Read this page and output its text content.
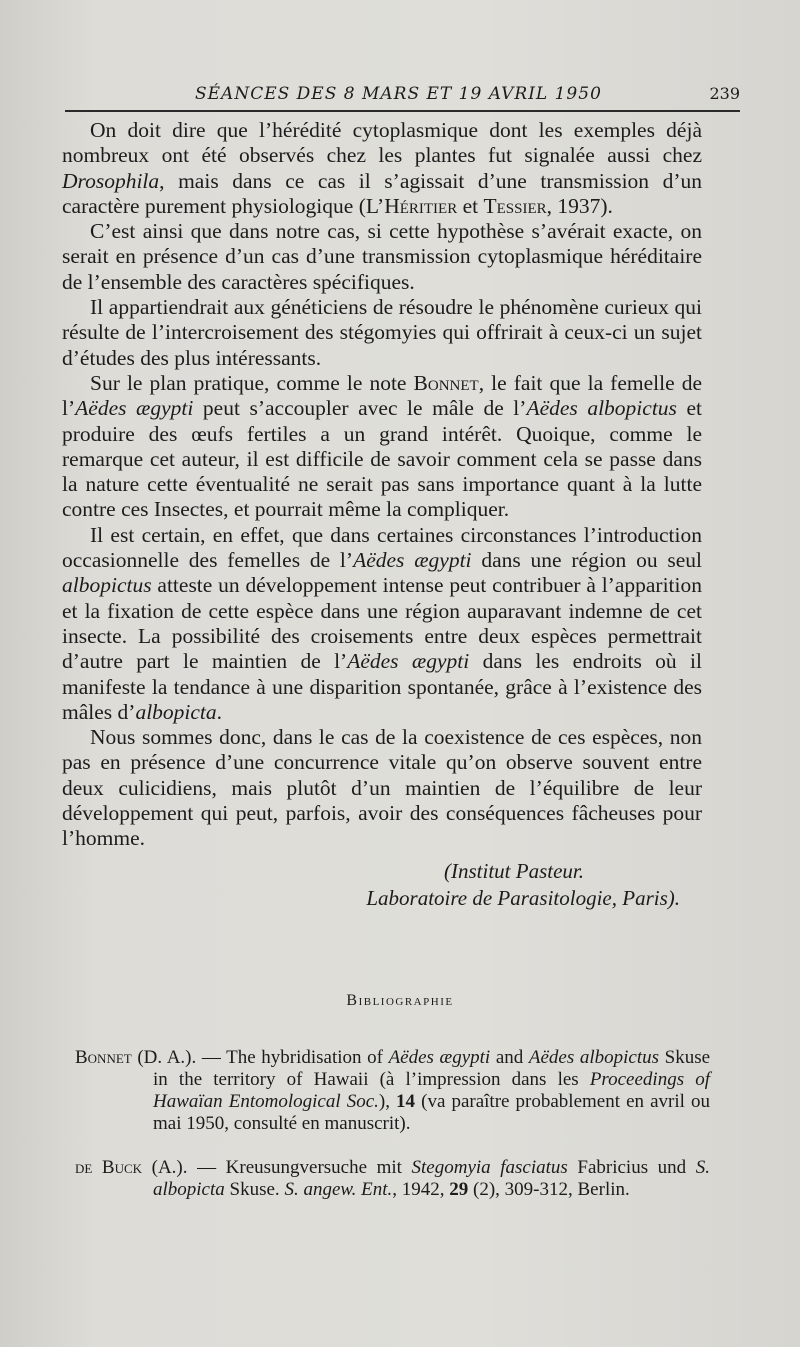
SÉANCES DES 8 MARS ET 19 AVRIL 1950	239

On doit dire que l’hérédité cytoplasmique dont les exemples déjà nombreux ont été observés chez les plantes fut signalée aussi chez Drosophila, mais dans ce cas il s’agissait d’une transmission d’un caractère purement physiologique (L’Héritier et Tessier, 1937).

C’est ainsi que dans notre cas, si cette hypothèse s’avérait exacte, on serait en présence d’un cas d’une transmission cytoplasmique héréditaire de l’ensemble des caractères spécifiques.

Il appartiendrait aux généticiens de résoudre le phénomène curieux qui résulte de l’intercroisement des stégomyies qui offrirait à ceux-ci un sujet d’études des plus intéressants.

Sur le plan pratique, comme le note Bonnet, le fait que la femelle de l’Aëdes ægypti peut s’accoupler avec le mâle de l’Aëdes albopictus et produire des œufs fertiles a un grand intérêt. Quoique, comme le remarque cet auteur, il est difficile de savoir comment cela se passe dans la nature cette éventualité ne serait pas sans importance quant à la lutte contre ces Insectes, et pourrait même la compliquer.

Il est certain, en effet, que dans certaines circonstances l’introduction occasionnelle des femelles de l’Aëdes ægypti dans une région ou seul albopictus atteste un développement intense peut contribuer à l’apparition et la fixation de cette espèce dans une région auparavant indemne de cet insecte. La possibilité des croisements entre deux espèces permettrait d’autre part le maintien de l’Aëdes ægypti dans les endroits où il manifeste la tendance à une disparition spontanée, grâce à l’existence des mâles d’albopicta.

Nous sommes donc, dans le cas de la coexistence de ces espèces, non pas en présence d’une concurrence vitale qu’on observe souvent entre deux culicidiens, mais plutôt d’un maintien de l’équilibre de leur développement qui peut, parfois, avoir des conséquences fâcheuses pour l’homme.

(Institut Pasteur.
Laboratoire de Parasitologie, Paris).
Bibliographie

Bonnet (D. A.). — The hybridisation of Aëdes ægypti and Aëdes albopictus Skuse in the territory of Hawaii (à l’impression dans les Proceedings of Hawaïan Entomological Soc.), 14 (va paraître probablement en avril ou mai 1950, consulté en manuscrit).

de Buck (A.). — Kreusungversuche mit Stegomyia fasciatus Fabricius und S. albopicta Skuse. S. angew. Ent., 1942, 29 (2), 309-312, Berlin.
